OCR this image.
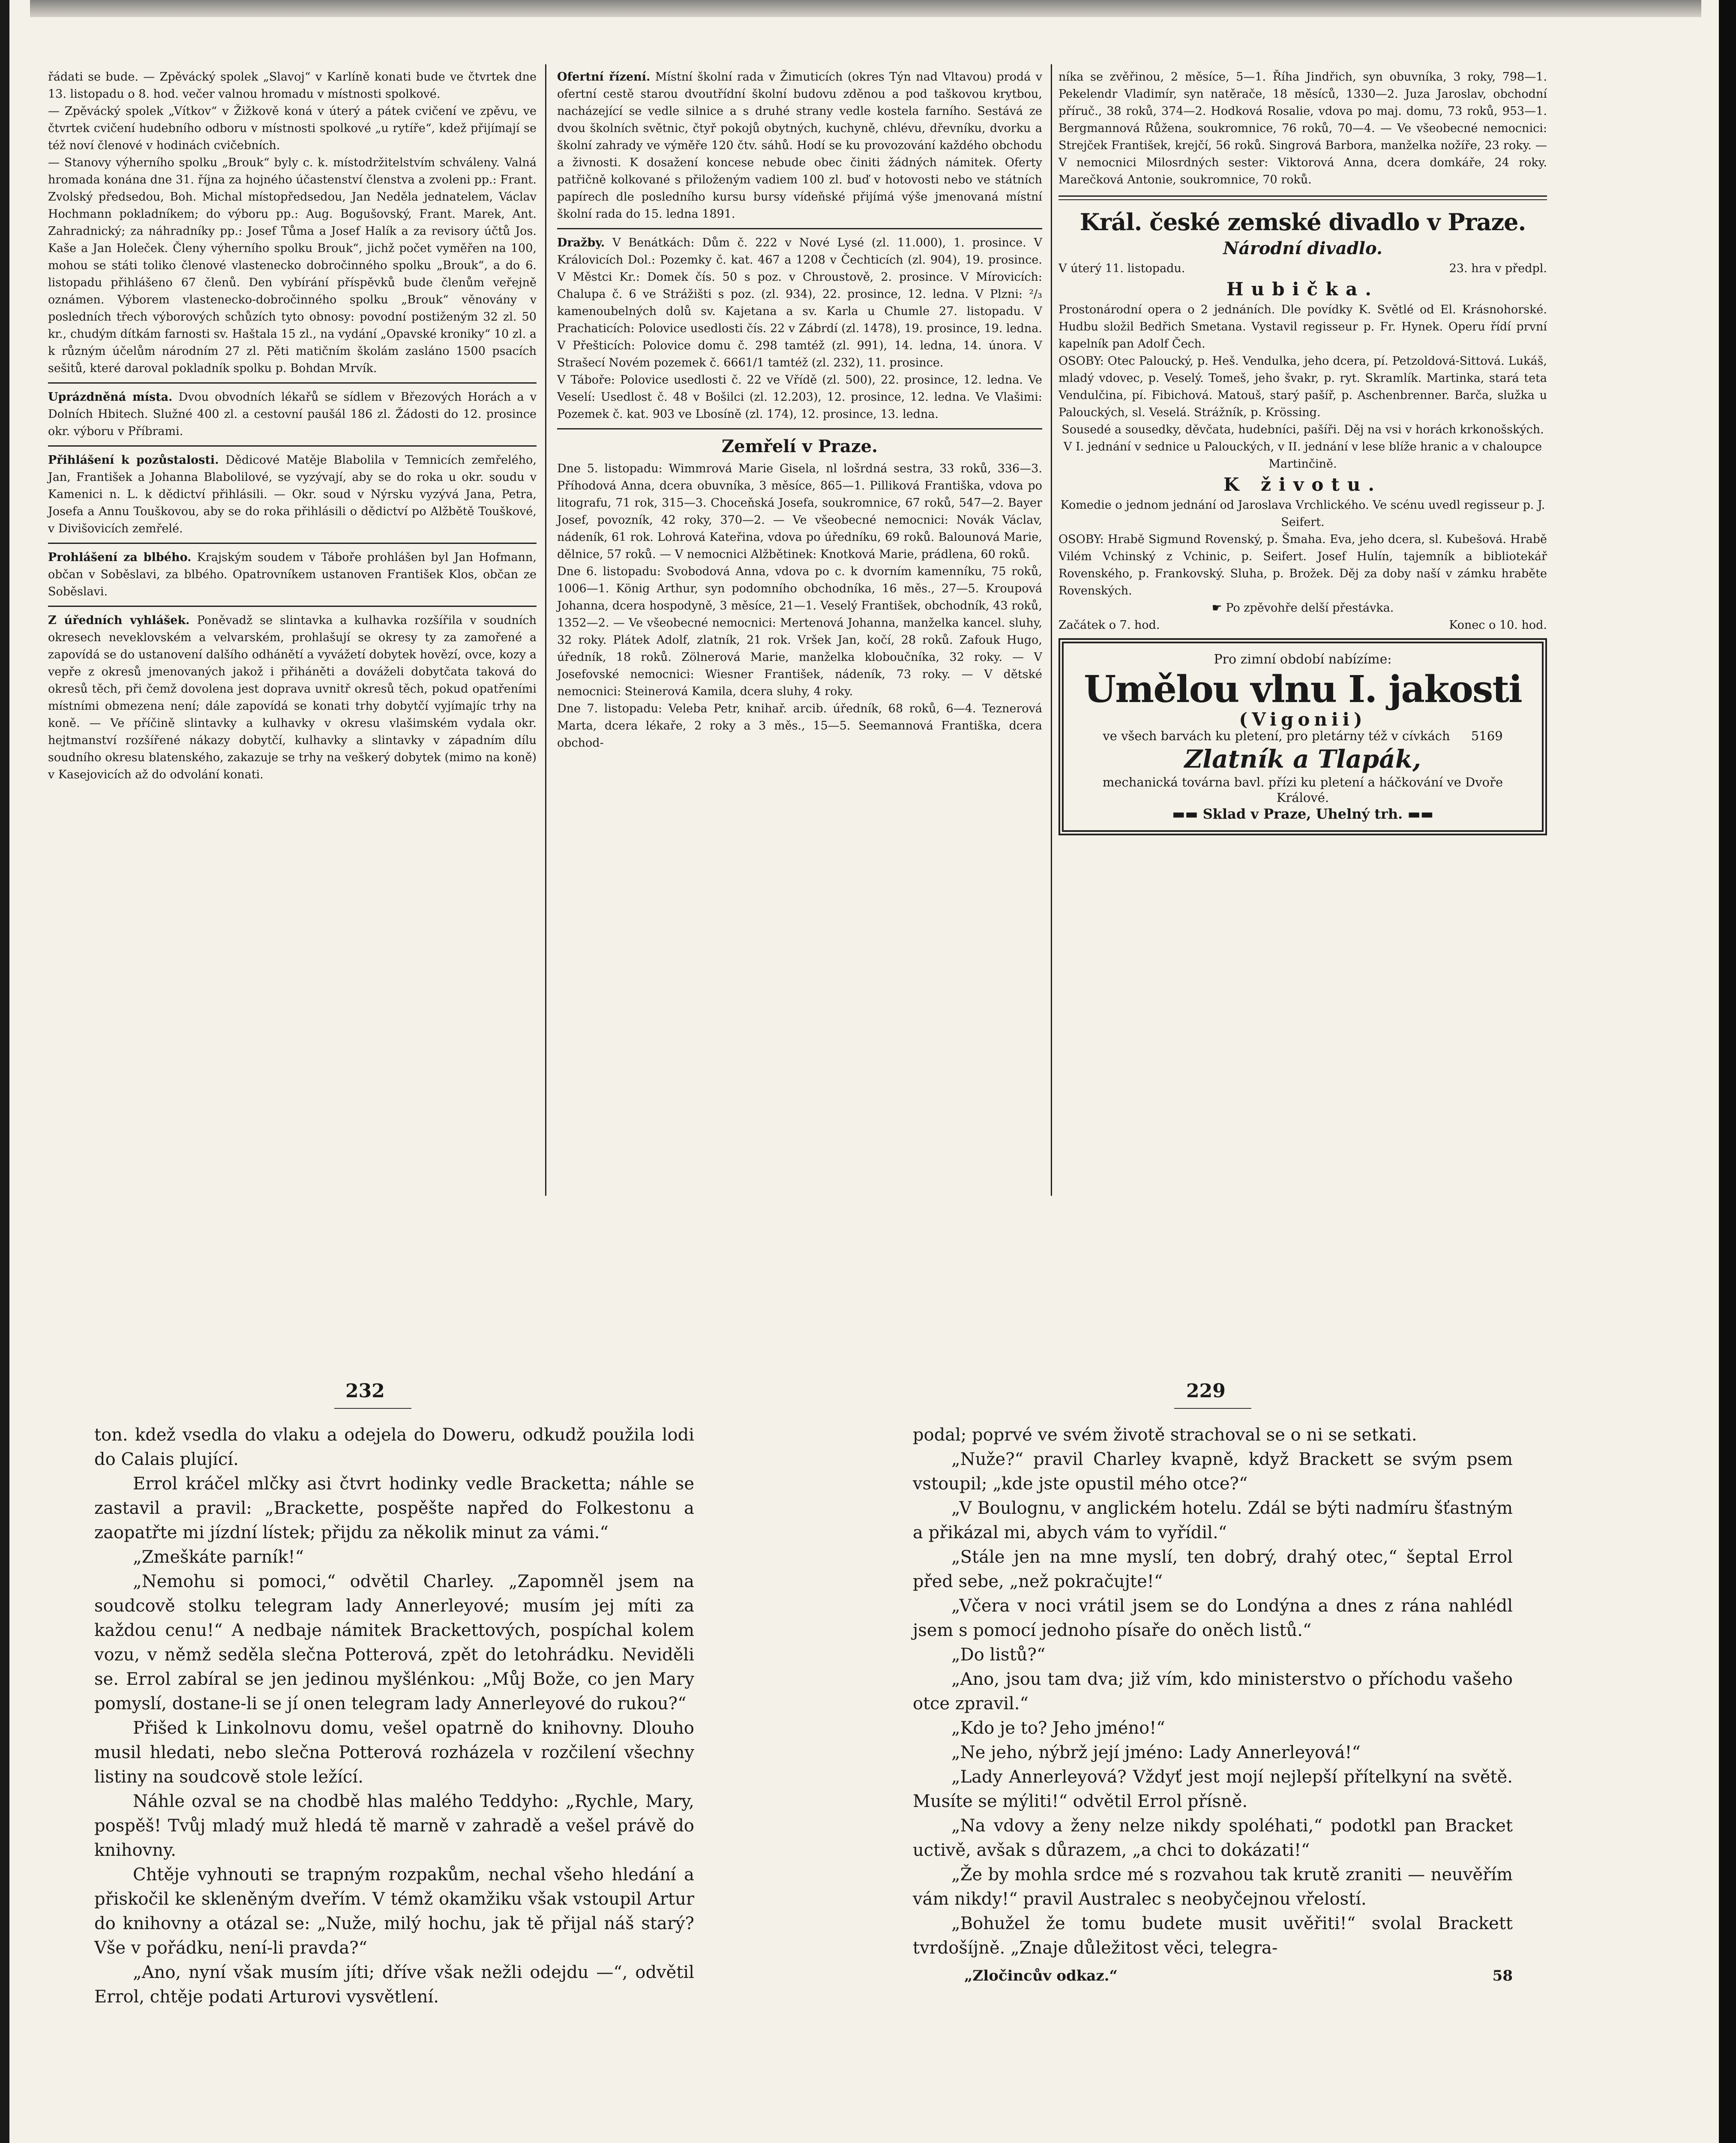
řádati se bude. — Zpěvácký spolek „Slavoj“ v Karlíně konati bude ve čtvrtek dne 13. listopadu o 8. hod. večer valnou hromadu v místnosti spolkové.
— Zpěvácký spolek „Vítkov“ v Žižkově koná v úterý a pátek cvičení ve zpěvu, ve čtvrtek cvičení hudebního odboru v místnosti spolkové „u rytíře“, kdež přijímají se též noví členové v hodinách cvičebních.
— Stanovy výherního spolku „Brouk“ byly c. k. místodržitelstvím schváleny. Valná hromada konána dne 31. října za hojného účastenství členstva a zvoleni pp.: Frant. Zvolský předsedou, Boh. Michal místopředsedou, Jan Neděla jednatelem, Václav Hochmann pokladníkem; do výboru pp.: Aug. Bogušovský, Frant. Marek, Ant. Zahradnický; za náhradníky pp.: Josef Tůma a Josef Halík a za revisory účtů Jos. Kaše a Jan Holeček. Členy výherního spolku Brouk“, jichž počet vyměřen na 100, mohou se státi toliko členové vlastenecko dobročinného spolku „Brouk“, a do 6. listopadu přihlášeno 67 členů. Den vybírání příspěvků bude členům veřejně oznámen. Výborem vlastenecko-dobročinného spolku „Brouk“ věnovány v posledních třech výborových schůzích tyto obnosy: povodní postiženým 32 zl. 50 kr., chudým dítkám farnosti sv. Haštala 15 zl., na vydání „Opavské kroniky“ 10 zl. a k různým účelům národním 27 zl. Pěti matičním školám zasláno 1500 psacích sešitů, které daroval pokladník spolku p. Bohdan Mrvík.
Uprázdněná místa. Dvou obvodních lékařů se sídlem v Březových Horách a v Dolních Hbitech. Služné 400 zl. a cestovní paušál 186 zl. Žádosti do 12. prosince okr. výboru v Příbrami.
Přihlášení k pozůstalosti. Dědicové Matěje Blabolila v Temnicích zemřelého, Jan, František a Johanna Blabolilové, se vyzývají, aby se do roka u okr. soudu v Kamenici n. L. k dědictví přihlásili. — Okr. soud v Nýrsku vyzývá Jana, Petra, Josefa a Annu Touškovou, aby se do roka přihlásili o dědictví po Alžbětě Touškové, v Divišovicích zemřelé.
Prohlášení za blbého. Krajským soudem v Táboře prohlášen byl Jan Hofmann, občan v Soběslavi, za blbého. Opatrovníkem ustanoven František Klos, občan ze Soběslavi.
Z úředních vyhlášek. Poněvadž se slintavka a kulhavka rozšířila v soudních okresech neveklovském a velvarském, prohlašují se okresy ty za zamořené a zapovídá se do ustanovení dalšího odhánětí a vyvážetí dobytek hovězí, ovce, kozy a vepře z okresů jmenovaných jakož i přiháněti a dováželi dobytčata taková do okresů těch, při čemž dovolena jest doprava uvnitř okresů těch, pokud opatřeními místními obmezena není; dále zapovídá se konati trhy dobytčí vyjímajíc trhy na koně. — Ve příčině slintavky a kulhavky v okresu vlašimském vydala okr. hejtmanství rozšířené nákazy dobytčí, kulhavky a slintavky v západním dílu soudního okresu blatenského, zakazuje se trhy na veškerý dobytek (mimo na koně) v Kasejovicích až do odvolání konati.
Ofertní řízení. Místní školní rada v Žimuticích (okres Týn nad Vltavou) prodá v ofertní cestě starou dvoutřídní školní budovu zděnou a pod taškovou krytbou, nacházející se vedle silnice a s druhé strany vedle kostela farního. Sestává ze dvou školních světnic, čtyř pokojů obytných, kuchyně, chlévu, dřevníku, dvorku a školní zahrady ve výměře 120 čtv. sáhů. Hodí se ku provozování každého obchodu a živnosti. K dosažení koncese nebude obec činiti žádných námitek. Oferty patřičně kolkované s přiloženým vadiem 100 zl. buď v hotovosti nebo ve státních papírech dle posledního kursu bursy vídeňské přijímá výše jmenovaná místní školní rada do 15. ledna 1891.
Dražby. V Benátkách: Dům č. 222 v Nové Lysé (zl. 11.000), 1. prosince. V Královicích Dol.: Pozemky č. kat. 467 a 1208 v Čechticích (zl. 904), 19. prosince. V Městci Kr.: Domek čís. 50 s poz. v Chroustově, 2. prosince. V Mírovicích: Chalupa č. 6 ve Strážišti s poz. (zl. 934), 22. prosince, 12. ledna. V Plzni: ²/₃ kamenoubelných dolů sv. Kajetana a sv. Karla u Chumle 27. listopadu. V Prachaticích: Polovice usedlosti čís. 22 v Zábrdí (zl. 1478), 19. prosince, 19. ledna. V Přešticích: Polovice domu č. 298 tamtéž (zl. 991), 14. ledna, 14. února. V Strašecí Novém pozemek č. 6661/1 tamtéž (zl. 232), 11. prosince.
V Táboře: Polovice usedlosti č. 22 ve Vřídě (zl. 500), 22. prosince, 12. ledna. Ve Veselí: Usedlost č. 48 v Bošilci (zl. 12.203), 12. prosince, 12. ledna. Ve Vlašimi: Pozemek č. kat. 903 ve Lbosíně (zl. 174), 12. prosince, 13. ledna.
Zemřelí v Praze.
Dne 5. listopadu: Wimmrová Marie Gisela, nl lošrdná sestra, 33 roků, 336—3. Příhodová Anna, dcera obuvníka, 3 měsíce, 865—1. Pilliková Františka, vdova po litografu, 71 rok, 315—3. Choceňská Josefa, soukromnice, 67 roků, 547—2. Bayer Josef, povozník, 42 roky, 370—2. — Ve všeobecné nemocnici: Novák Václav, nádeník, 61 rok. Lohrová Kateřina, vdova po úředníku, 69 roků. Balounová Marie, dělnice, 57 roků. — V nemocnici Alžbětinek: Knotková Marie, prádlena, 60 roků.
Dne 6. listopadu: Svobodová Anna, vdova po c. k dvorním kamenníku, 75 roků, 1006—1. König Arthur, syn podomního obchodníka, 16 měs., 27—5. Kroupová Johanna, dcera hospodyně, 3 měsíce, 21—1. Veselý František, obchodník, 43 roků, 1352—2. — Ve všeobecné nemocnici: Mertenová Johanna, manželka kancel. sluhy, 32 roky. Plátek Adolf, zlatník, 21 rok. Vršek Jan, kočí, 28 roků. Zafouk Hugo, úředník, 18 roků. Zölnerová Marie, manželka kloboučníka, 32 roky. — V Josefovské nemocnici: Wiesner František, nádeník, 73 roky. — V dětské nemocnici: Steinerová Kamila, dcera sluhy, 4 roky.
Dne 7. listopadu: Veleba Petr, knihař. arcib. úředník, 68 roků, 6—4. Teznerová Marta, dcera lékaře, 2 roky a 3 měs., 15—5. Seemannová Františka, dcera obchod-
níka se zvěřinou, 2 měsíce, 5—1. Říha Jindřich, syn obuvníka, 3 roky, 798—1. Pekelendr Vladimír, syn natěrače, 18 měsíců, 1330—2. Juza Jaroslav, obchodní příruč., 38 roků, 374—2. Hodková Rosalie, vdova po maj. domu, 73 roků, 953—1. Bergmannová Růžena, soukromnice, 76 roků, 70—4. — Ve všeobecné nemocnici: Strejček František, krejčí, 56 roků. Singrová Barbora, manželka nožíře, 23 roky. — V nemocnici Milosrdných sester: Viktorová Anna, dcera domkáře, 24 roky. Marečková Antonie, soukromnice, 70 roků.
Král. české zemské divadlo v Praze.
Národní divadlo.
V úterý 11. listopadu.	23. hra v předpl.
Hubička.
Prostonárodní opera o 2 jednáních. Dle povídky K. Světlé od El. Krásnohorské. Hudbu složil Bedřich Smetana. Vystavil regisseur p. Fr. Hynek. Operu řídí první kapelník pan Adolf Čech.
OSOBY: Otec Paloucký, p. Heš. Vendulka, jeho dcera, pí. Petzoldová-Sittová. Lukáš, mladý vdovec, p. Veselý. Tomeš, jeho švakr, p. ryt. Skramlík. Martinka, stará teta Vendulčina, pí. Fibichová. Matouš, starý pašíř, p. Aschenbrenner. Barča, služka u Palouckých, sl. Veselá. Strážník, p. Krössing.
Sousedé a sousedky, děvčata, hudebníci, pašíři. Děj na vsi v horách krkonošských. V I. jednání v sednice u Palouckých, v II. jednání v lese blíže hranic a v chaloupce Martinčině.
K životu.
Komedie o jednom jednání od Jaroslava Vrchlického. Ve scénu uvedl regisseur p. J. Seifert.
OSOBY: Hrabě Sigmund Rovenský, p. Šmaha. Eva, jeho dcera, sl. Kubešová. Hrabě Vilém Vchinský z Vchinic, p. Seifert. Josef Hulín, tajemník a bibliotekář Rovenského, p. Frankovský. Sluha, p. Brožek. Děj za doby naší v zámku hraběte Rovenských.
☛ Po zpěvohře delší přestávka.
Začátek o 7. hod.	Konec o 10. hod.
Pro zimní období nabízíme:
Umělou vlnu I. jakosti
(Vigonii)
ve všech barvách ku pletení, pro pletárny též v cívkách 5169
Zlatník a Tlapák,
mechanická továrna bavl. přízi ku pletení a háčkování ve Dvoře Králové.
▬▬ Sklad v Praze, Uhelný trh. ▬▬
232	229

ton. kdež vsedla do vlaku a odejela do Doweru, odkudž použila lodi do Calais plující.

Errol kráčel mlčky asi čtvrt hodinky vedle Bracketta; náhle se zastavil a pravil: „Brackette, pospěšte napřed do Folkestonu a zaopatřte mi jízdní lístek; přijdu za několik minut za vámi.“

„Zmeškáte parník!“

„Nemohu si pomoci,“ odvětil Charley. „Zapomněl jsem na soudcově stolku telegram lady Annerleyové; musím jej míti za každou cenu!“ A nedbaje námitek Brackettových, pospíchal kolem vozu, v němž seděla slečna Potterová, zpět do letohrádku. Neviděli se. Errol zabíral se jen jedinou myšlénkou: „Můj Bože, co jen Mary pomyslí, dostane-li se jí onen telegram lady Annerleyové do rukou?“

Přišed k Linkolnovu domu, vešel opatrně do knihovny. Dlouho musil hledati, nebo slečna Potterová rozházela v rozčilení všechny listiny na soudcově stole ležící.

Náhle ozval se na chodbě hlas malého Teddyho: „Rychle, Mary, pospěš! Tvůj mladý muž hledá tě marně v zahradě a vešel právě do knihovny.

Chtěje vyhnouti se trapným rozpakům, nechal všeho hledání a přiskočil ke skleněným dveřím. V témž okamžiku však vstoupil Artur do knihovny a otázal se: „Nuže, milý hochu, jak tě přijal náš starý? Vše v pořádku, není-li pravda?“

„Ano, nyní však musím jíti; dříve však nežli odejdu —“, odvětil Errol, chtěje podati Arturovi vysvětlení.

podal; poprvé ve svém životě strachoval se o ni se setkati.

„Nuže?“ pravil Charley kvapně, když Brackett se svým psem vstoupil; „kde jste opustil mého otce?“

„V Boulognu, v anglickém hotelu. Zdál se býti nadmíru šťastným a přikázal mi, abych vám to vyřídil.“

„Stále jen na mne myslí, ten dobrý, drahý otec,“ šeptal Errol před sebe, „než pokračujte!“

„Včera v noci vrátil jsem se do Londýna a dnes z rána nahlédl jsem s pomocí jednoho písaře do oněch listů.“

„Do listů?“

„Ano, jsou tam dva; již vím, kdo ministerstvo o příchodu vašeho otce zpravil.“

„Kdo je to? Jeho jméno!“

„Ne jeho, nýbrž její jméno: Lady Annerleyová!“

„Lady Annerleyová? Vždyť jest mojí nejlepší přítelkyní na světě. Musíte se mýliti!“ odvětil Errol přísně.

„Na vdovy a ženy nelze nikdy spoléhati,“ podotkl pan Bracket uctivě, avšak s důrazem, „a chci to dokázati!“

„Že by mohla srdce mé s rozvahou tak krutě zraniti — neuvěřím vám nikdy!“ pravil Australec s neobyčejnou vřelostí.

„Bohužel že tomu budete musit uvěřiti!“ svolal Brackett tvrdošíjně. „Znaje důležitost věci, telegra-

„Zločincův odkaz.“	58
